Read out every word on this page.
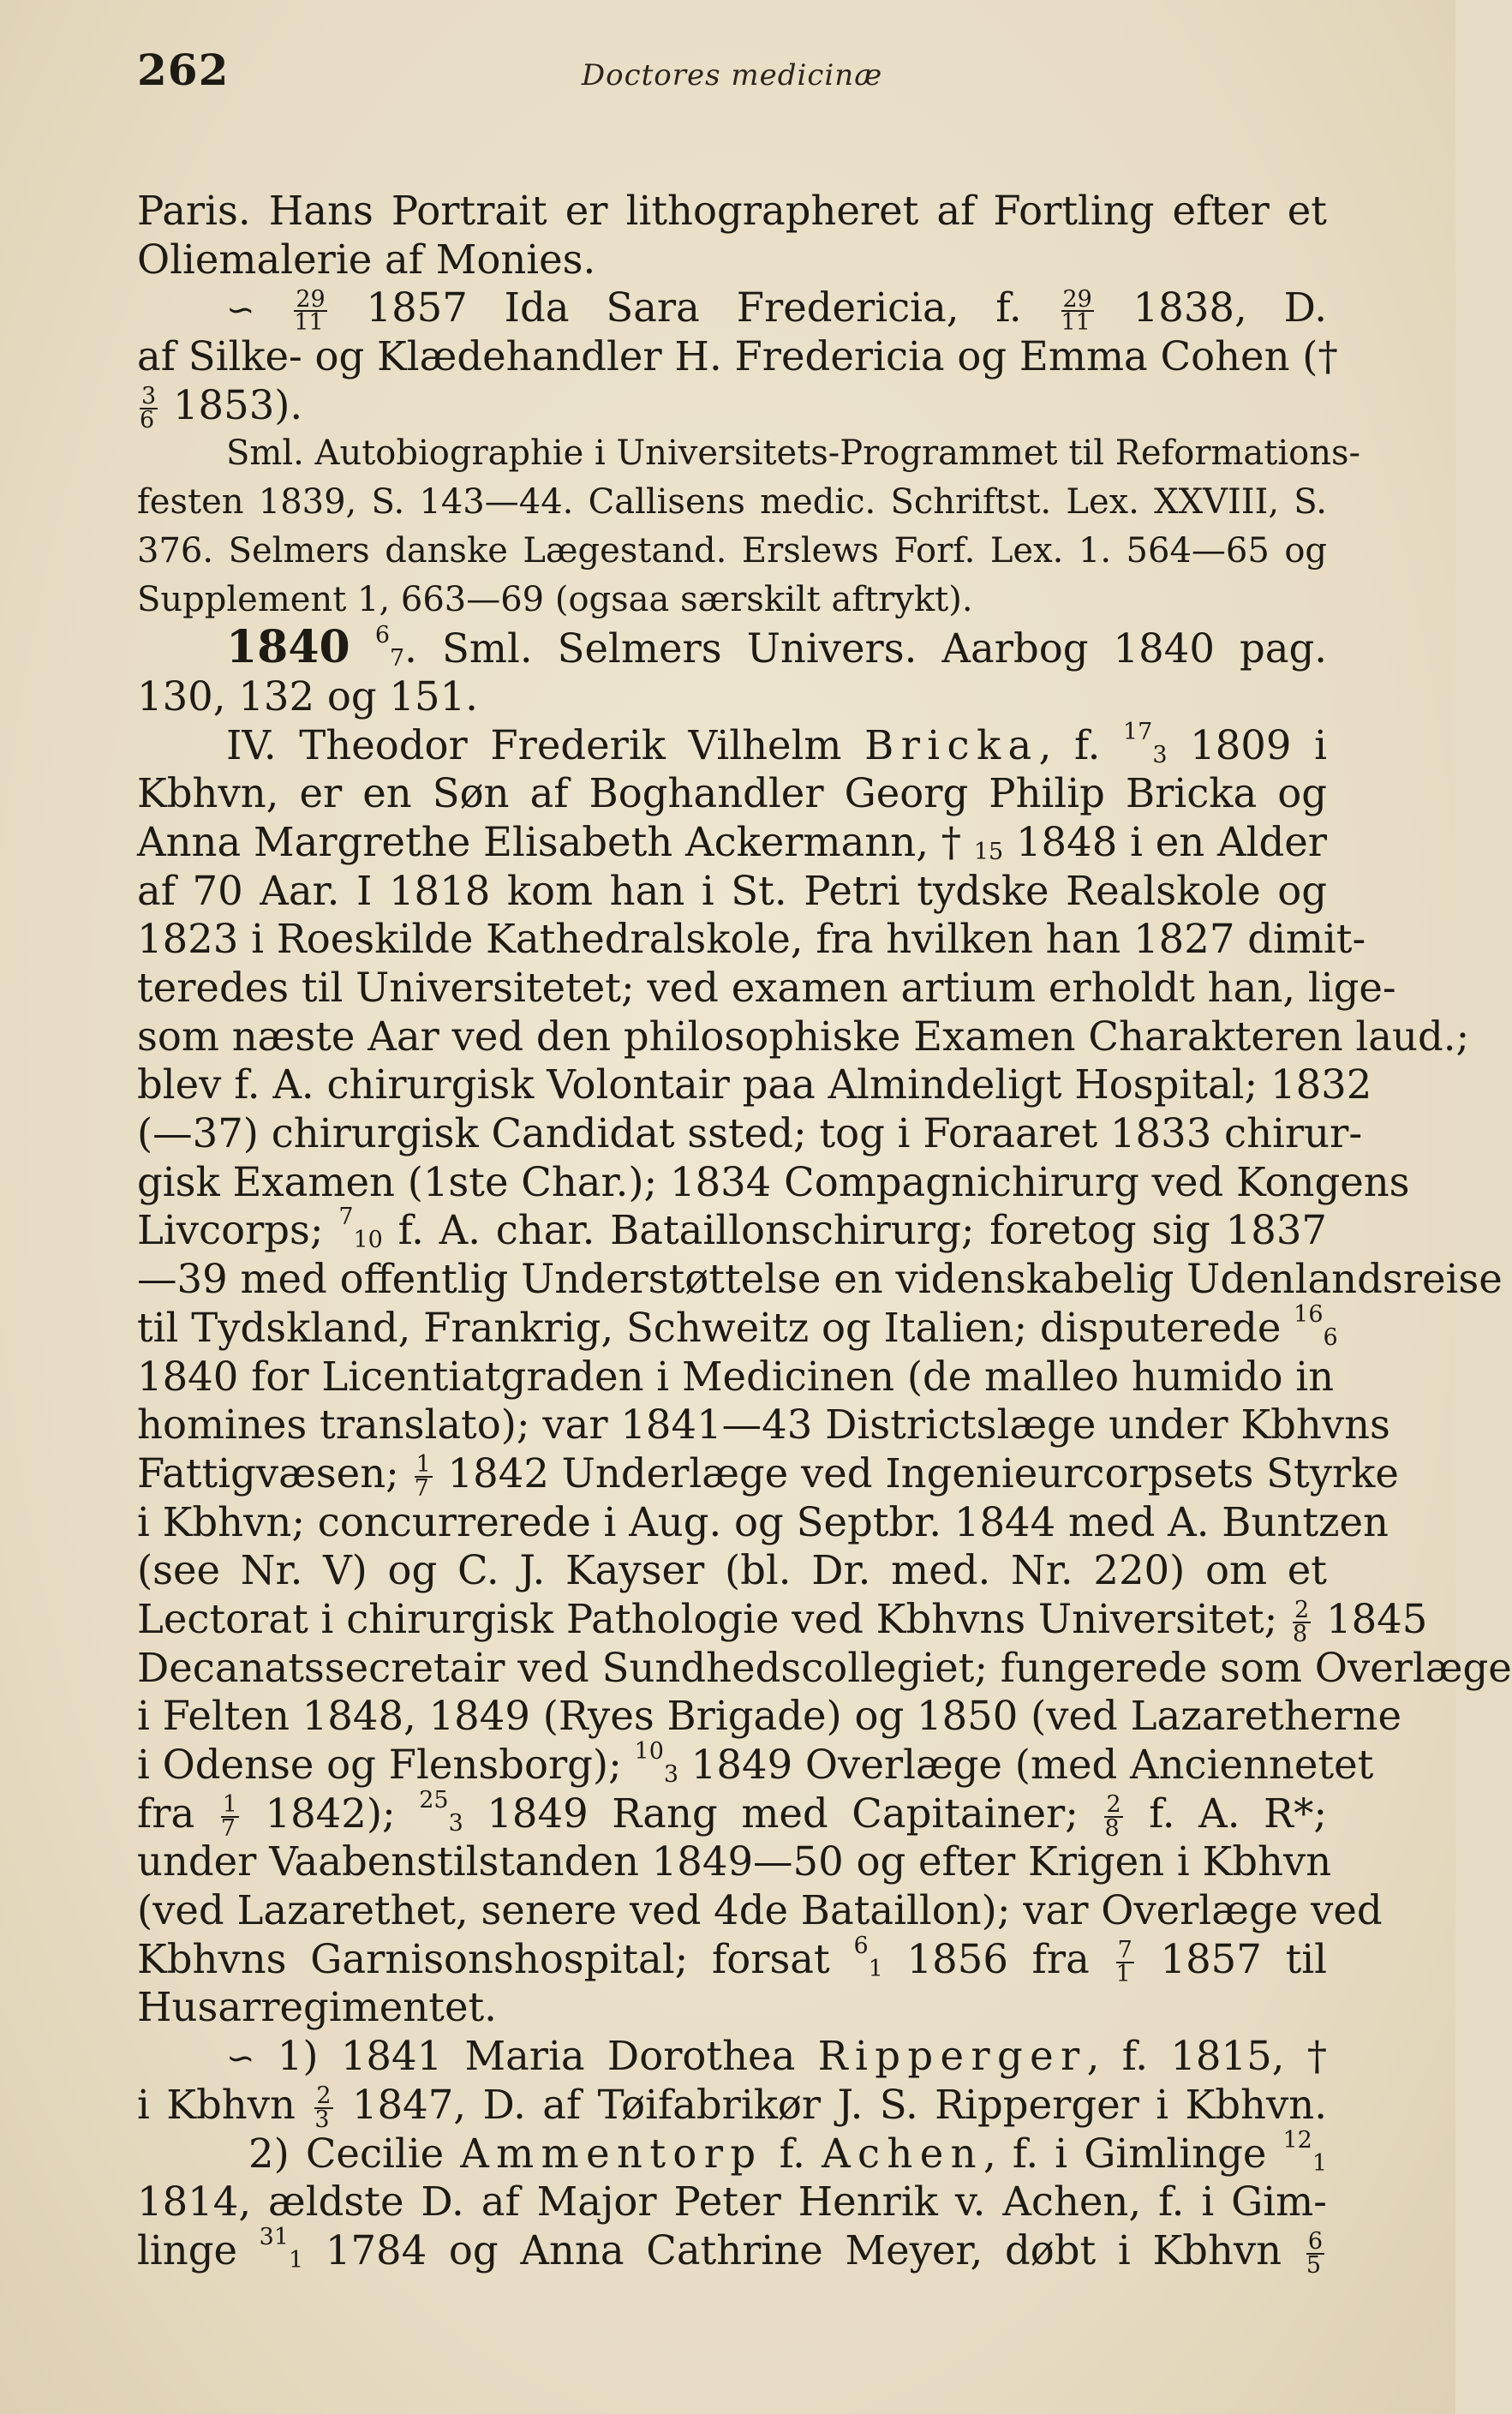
262	Doctores medicinæ
Paris. Hans Portrait er lithographeret af Fortling efter et
Oliemalerie af Monies.
∽ $\frac{29}{11} 1857$ Ida Sara Fredericia, f. $\frac{29}{11} 1838$, D.
af Silke- og Klædehandler H. Fredericia og Emma Cohen (†
$\frac{3}{6} 1853$).
Sml. Autobiographie i Universitets-Programmet til Reformations-
festen 1839, S. 143—44. Callisens medic. Schriftst. Lex. XXVIII, S.
376. Selmers danske Lægestand. Erslews Forf. Lex. 1. 564—65 og
Supplement 1, 663—69 (ogsaa særskilt aftrykt).
1840 $^6_7$. Sml. Selmers Univers. Aarbog 1840 pag.
130, 132 og 151.
IV. Theodor Frederik Vilhelm Bricka, f. $^{17}_3$ 1809 i
Kbhvn, er en Søn af Boghandler Georg Philip Bricka og
Anna Margrethe Elisabeth Ackermann, † $_{15}$ 1848 i en Alder
af 70 Aar. I 1818 kom han i St. Petri tydske Realskole og
1823 i Roeskilde Kathedralskole, fra hvilken han 1827 dimit-
teredes til Universitetet; ved examen artium erholdt han, lige-
som næste Aar ved den philosophiske Examen Charakteren laud.;
blev f. A. chirurgisk Volontair paa Almindeligt Hospital; 1832
(—37) chirurgisk Candidat ssted; tog i Foraaret 1833 chirur-
gisk Examen (1ste Char.); 1834 Compagnichirurg ved Kongens
Livcorps; $^7_{10}$ f. A. char. Bataillonschirurg; foretog sig 1837
—39 med offentlig Understøttelse en videnskabelig Udenlandsreise
til Tydskland, Frankrig, Schweitz og Italien; disputerede $^{16}_6$
1840 for Licentiatgraden i Medicinen (de malleo humido in
homines translato); var 1841—43 Districtslæge under Kbhvns
Fattigvæsen; $\frac{1}{7} 1842$ Underlæge ved Ingenieurcorpsets Styrke
i Kbhvn; concurrerede i Aug. og Septbr. 1844 med A. Buntzen
(see Nr. V) og C. J. Kayser (bl. Dr. med. Nr. 220) om et
Lectorat i chirurgisk Pathologie ved Kbhvns Universitet; $\frac{2}{8} 1845$
Decanatssecretair ved Sundhedscollegiet; fungerede som Overlæge
i Felten 1848, 1849 (Ryes Brigade) og 1850 (ved Lazaretherne
i Odense og Flensborg); $^{10}_3$ 1849 Overlæge (med Anciennetet
fra $\frac{1}{7} 1842$); $^{25}_3$ 1849 Rang med Capitainer; $\frac{2}{8} f$. A. R*;
under Vaabenstilstanden 1849—50 og efter Krigen i Kbhvn
(ved Lazarethet, senere ved 4de Bataillon); var Overlæge ved
Kbhvns Garnisonshospital; forsat $^6_1$ 1856 fra $\frac{7}{1} 1857$ til
Husarregimentet.
∽ 1) 1841 Maria Dorothea Ripperger, f. 1815, †
i Kbhvn $\frac{2}{3} 1847$, D. af Tøifabrikør J. S. Ripperger i Kbhvn.
2) Cecilie Ammentorp f. Achen, f. i Gimlinge $^{12}_1$
1814, ældste D. af Major Peter Henrik v. Achen, f. i Gim-
linge $^{31}_1$ 1784 og Anna Cathrine Meyer, døbt i Kbhvn $\frac{6}{5}$
